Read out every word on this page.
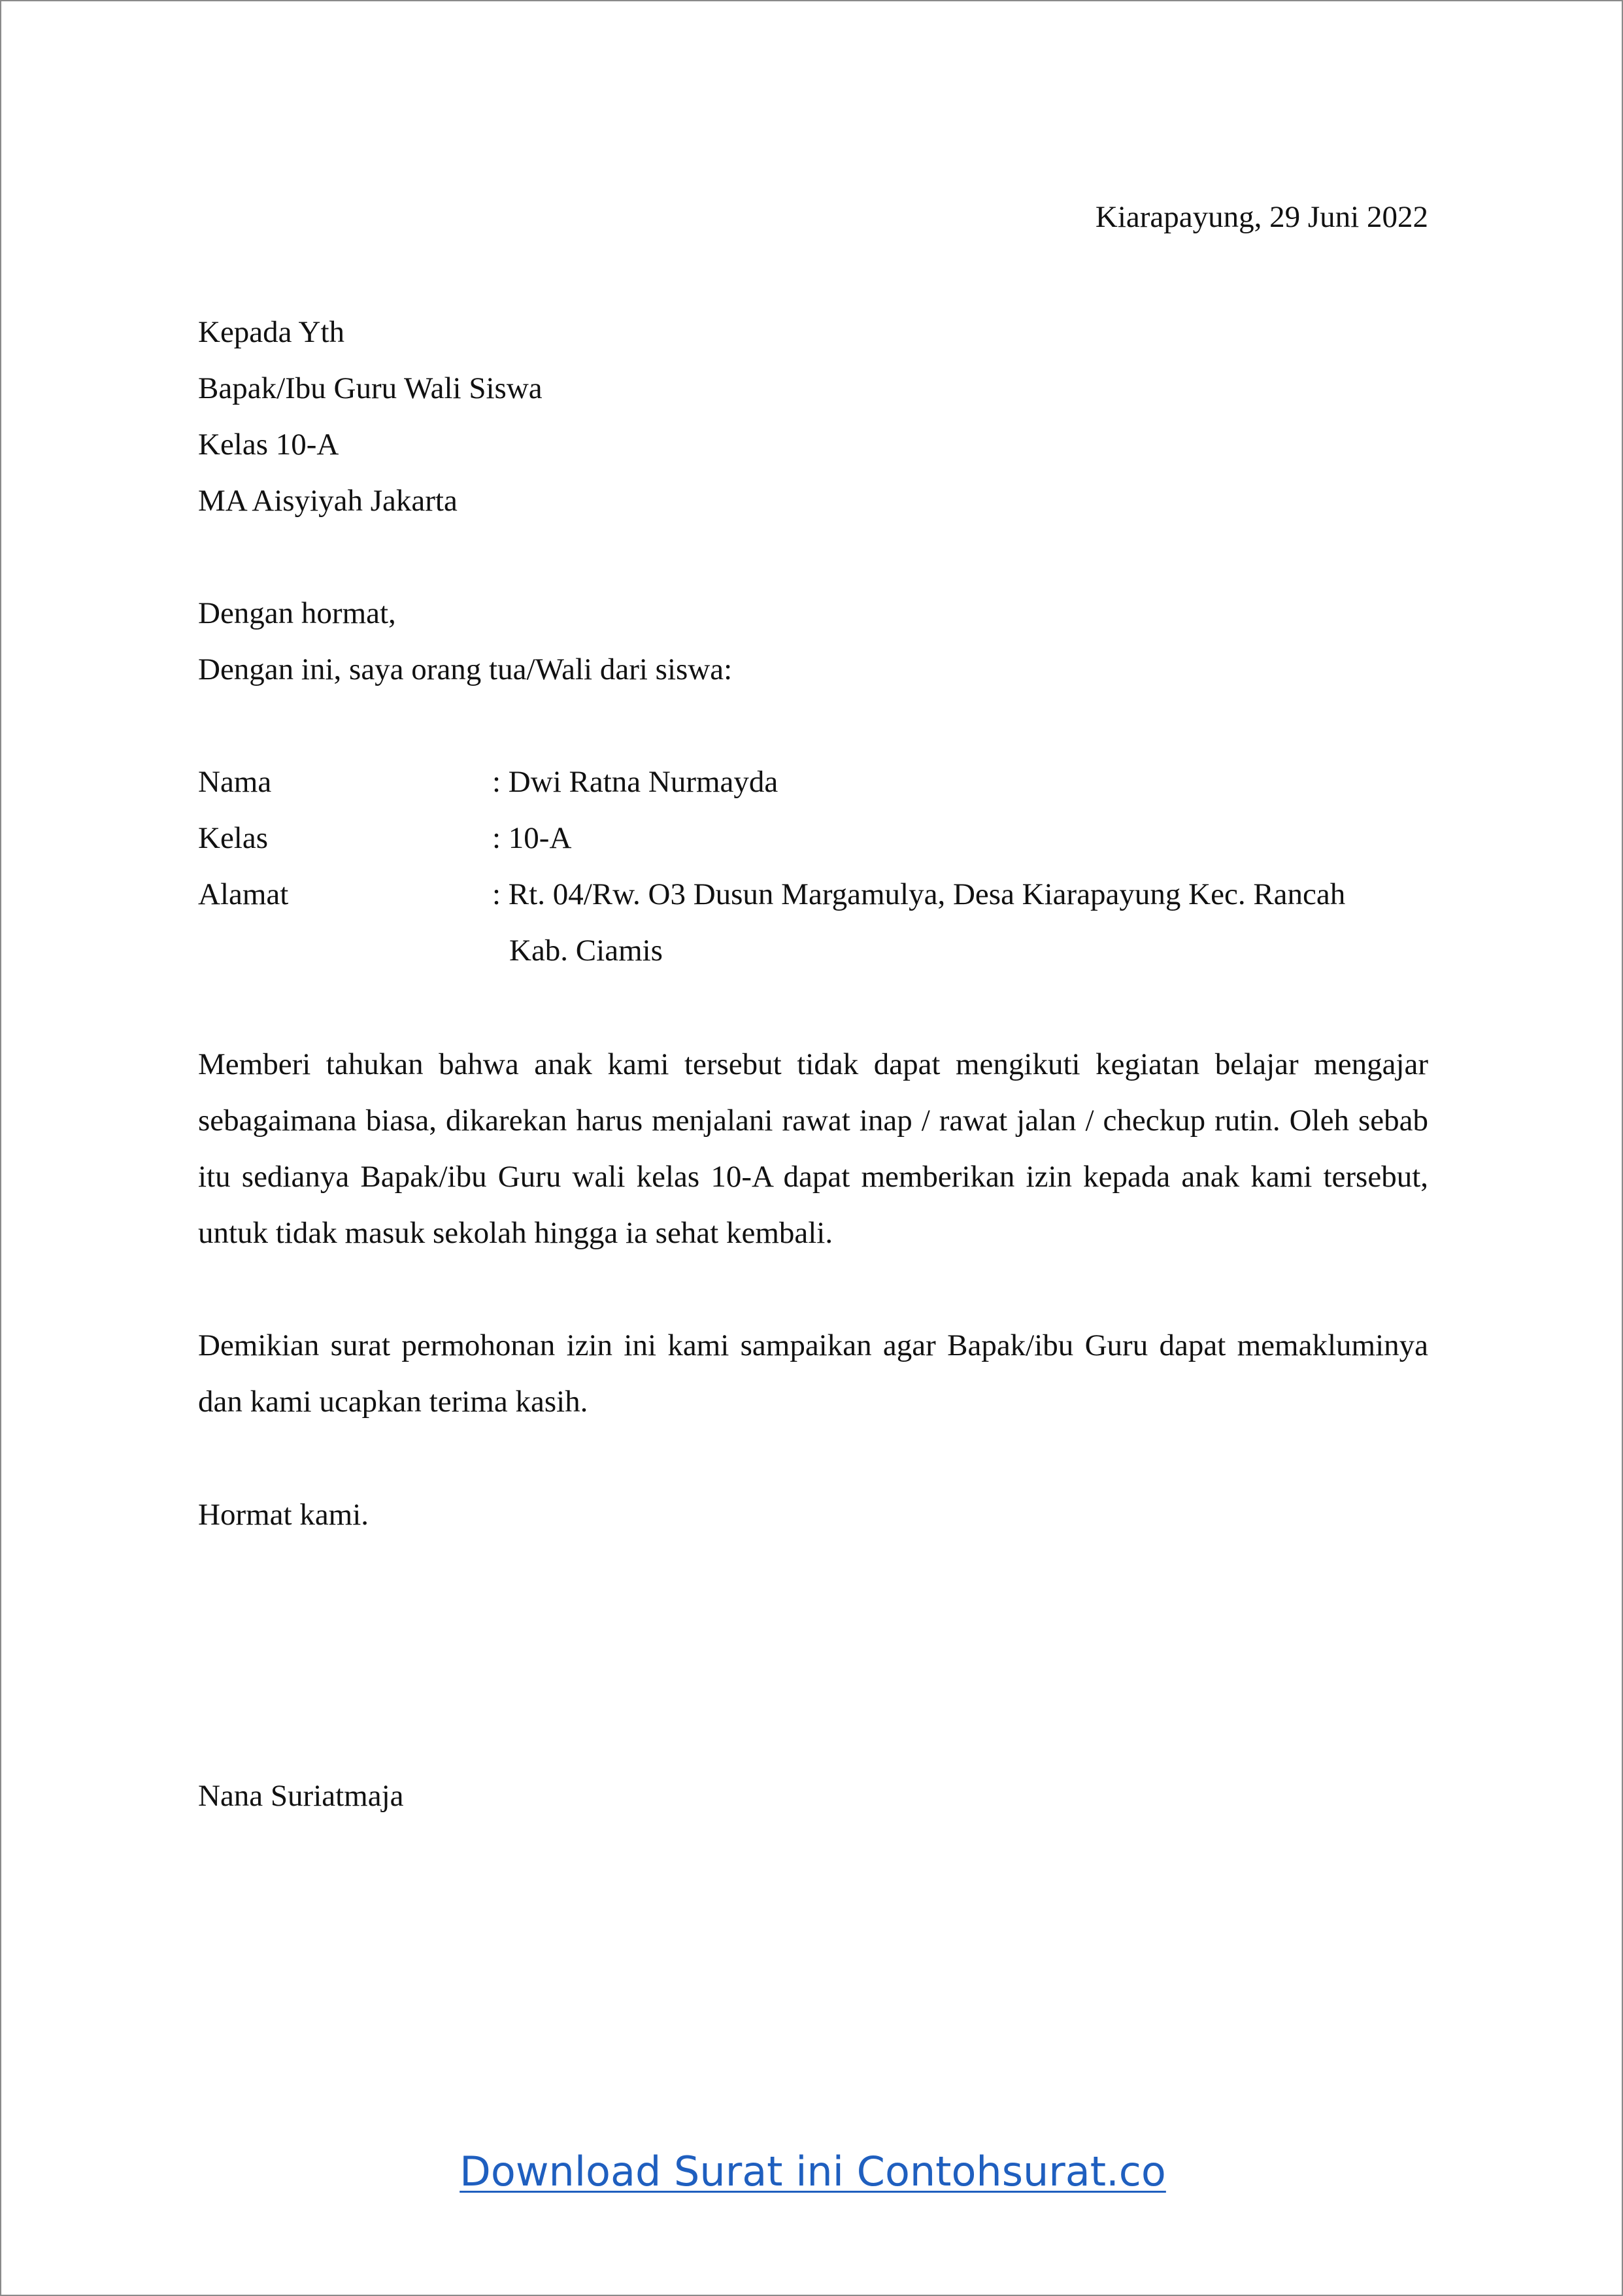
Kiarapayung, 29 Juni 2022
Kepada Yth
Bapak/Ibu Guru Wali Siswa
Kelas 10-A
MA Aisyiyah Jakarta
Dengan hormat,
Dengan ini, saya orang tua/Wali dari siswa:
Nama	: Dwi Ratna Nurmayda
Kelas	: 10-A
Alamat	: Rt. 04/Rw. O3 Dusun Margamulya, Desa Kiarapayung Kec. Rancah
Kab. Ciamis
Memberi tahukan bahwa anak kami tersebut tidak dapat mengikuti kegiatan belajar mengajar sebagaimana biasa, dikarekan harus menjalani rawat inap / rawat jalan / checkup rutin. Oleh sebab itu sedianya Bapak/ibu Guru wali kelas 10-A dapat memberikan izin kepada anak kami tersebut, untuk tidak masuk sekolah hingga ia sehat kembali.
Demikian surat permohonan izin ini kami sampaikan agar Bapak/ibu Guru dapat memakluminya dan kami ucapkan terima kasih.
Hormat kami.
Nana Suriatmaja
Download Surat ini Contohsurat.co
